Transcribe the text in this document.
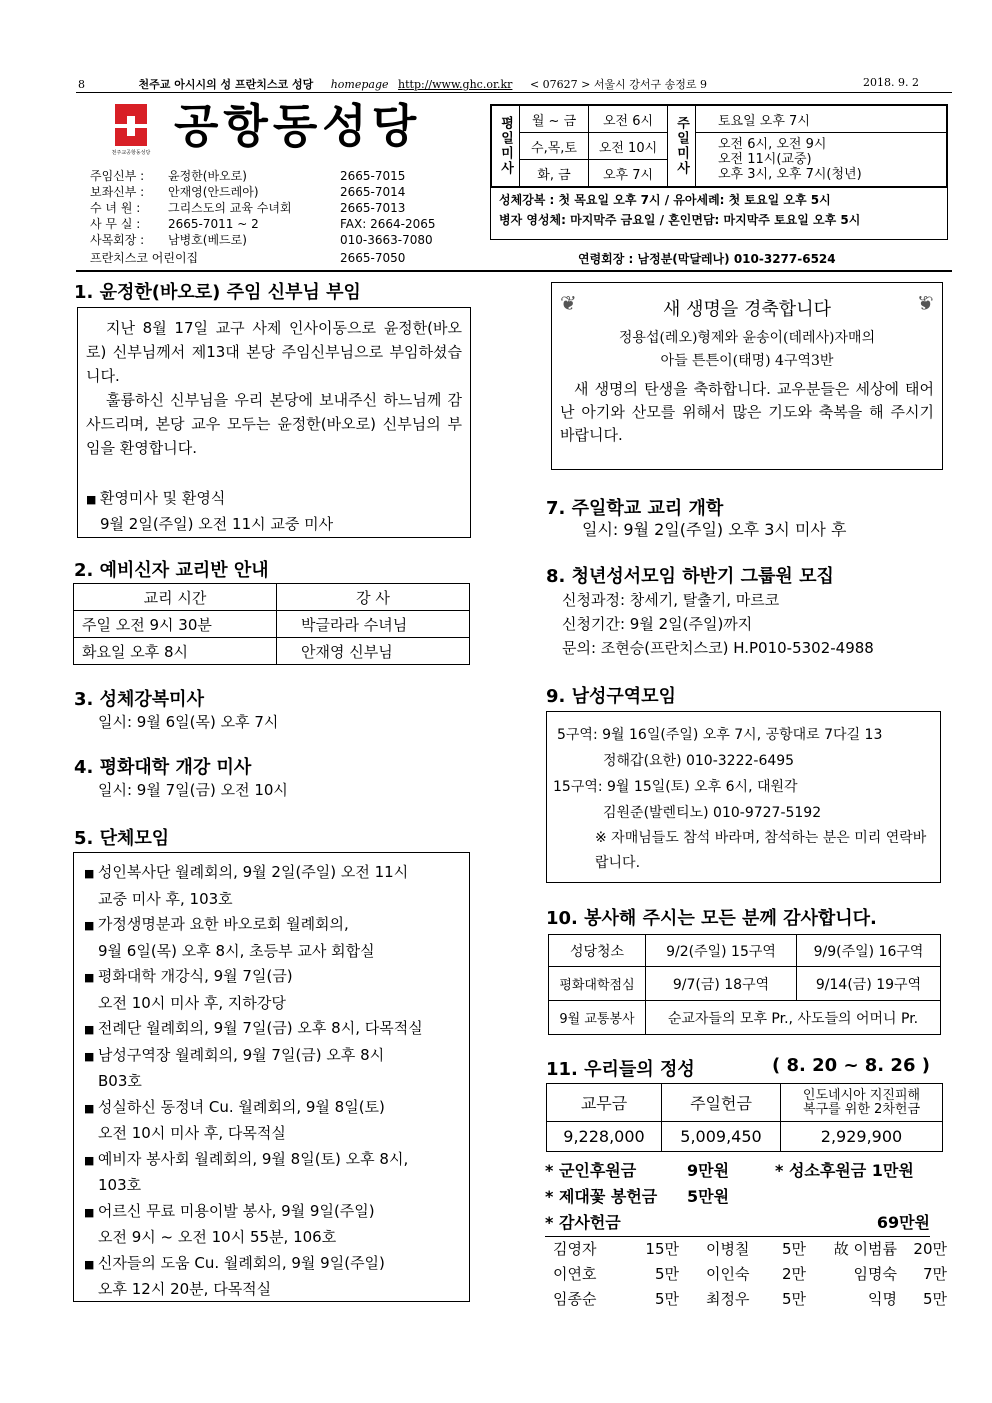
8	천주교 아시시의 성 프란치스코 성당 homepage http://www.ghc.or.kr < 07627 > 서울시 강서구 송정로 9	2018. 9. 2
천주교공항동성당 공항동성당
주임신부 :	윤정한(바오로)	2665-7015
보좌신부 :	안재영(안드레아)	2665-7014
수 녀 원 :	그리스도의 교육 수녀회	2665-7013
사 무 실 :	2665-7011 ~ 2	FAX: 2664-2065
사목회장 :	남병호(베드로)	010-3663-7080
프란치스코 어린이집	2665-7050
평일미사	월 ~ 금	오전 6시	주일미사	토요일 오후 7시
	수,목,토	오전 10시		오전 6시, 오전 9시
오전 11시(교중)
오후 3시, 오후 7시(청년)

	화, 금	오후 7시		
성체강복 : 첫 목요일 오후 7시 / 유아세례: 첫 토요일 오후 5시
병자 영성체: 마지막주 금요일 / 혼인면담: 마지막주 토요일 오후 5시
연령회장 : 남정분(막달레나) 010-3277-6524
1. 윤정한(바오로) 주임 신부님 부임
지난 8월 17일 교구 사제 인사이동으로 윤정한(바오로) 신부님께서 제13대 본당 주임신부님으로 부임하셨습니다.
훌륭하신 신부님을 우리 본당에 보내주신 하느님께 감사드리며, 본당 교우 모두는 윤정한(바오로) 신부님의 부임을 환영합니다.
■ 환영미사 및 환영식
9월 2일(주일) 오전 11시 교중 미사
2. 예비신자 교리반 안내
교리 시간	강 사
주일 오전 9시 30분	박글라라 수녀님
화요일 오후 8시	안재영 신부님
3. 성체강복미사
일시: 9월 6일(목) 오후 7시
4. 평화대학 개강 미사
일시: 9월 7일(금) 오전 10시
5. 단체모임
■ 성인복사단 월례회의, 9월 2일(주일) 오전 11시
교중 미사 후, 103호
■ 가정생명분과 요한 바오로회 월례회의,
9월 6일(목) 오후 8시, 초등부 교사 회합실
■ 평화대학 개강식, 9월 7일(금)
오전 10시 미사 후, 지하강당
■ 전례단 월례회의, 9월 7일(금) 오후 8시, 다목적실
■ 남성구역장 월례회의, 9월 7일(금) 오후 8시
B03호
■ 성실하신 동정녀 Cu. 월례회의, 9월 8일(토)
오전 10시 미사 후, 다목적실
■ 예비자 봉사회 월례회의, 9월 8일(토) 오후 8시,
103호
■ 어르신 무료 미용이발 봉사, 9월 9일(주일)
오전 9시 ~ 오전 10시 55분, 106호
■ 신자들의 도움 Cu. 월례회의, 9월 9일(주일)
오후 12시 20분, 다목적실
❦	❦
새 생명을 경축합니다
정용섭(레오)형제와 윤송이(데레사)자매의
아들 튼튼이(태명) 4구역3반
새 생명의 탄생을 축하합니다. 교우분들은 세상에 태어난 아기와 산모를 위해서 많은 기도와 축복을 해 주시기 바랍니다.
7. 주일학교 교리 개학
일시: 9월 2일(주일) 오후 3시 미사 후
8. 청년성서모임 하반기 그룹원 모집
신청과정: 창세기, 탈출기, 마르코
신청기간: 9월 2일(주일)까지
문의: 조현승(프란치스코) H.P010-5302-4988
9. 남성구역모임
5구역: 9월 16일(주일) 오후 7시, 공항대로 7다길 13
정해갑(요한) 010-3222-6495
15구역: 9월 15일(토) 오후 6시, 대원각
김원준(발렌티노) 010-9727-5192
※ 자매님들도 참석 바라며, 참석하는 분은 미리 연락바랍니다.
10. 봉사해 주시는 모든 분께 감사합니다.
성당청소	9/2(주일) 15구역	9/9(주일) 16구역
평화대학점심	9/7(금) 18구역	9/14(금) 19구역
9월 교통봉사	순교자들의 모후 Pr., 사도들의 어머니 Pr.	
11. 우리들의 정성	( 8. 20 ~ 8. 26 )
교무금	주일헌금	인도네시아 지진피해
복구를 위한 2차헌금

9,228,000	5,009,450	2,929,900
* 군인후원금	9만원	* 성소후원금 1만원
* 제대꽃 봉헌금 5만원
* 감사헌금	69만원
김영자	15만	이병칠	5만	故 이범륨	20만
이연호	5만	이인숙	2만	임명숙	7만
임종순	5만	최정우	5만	익명	5만
